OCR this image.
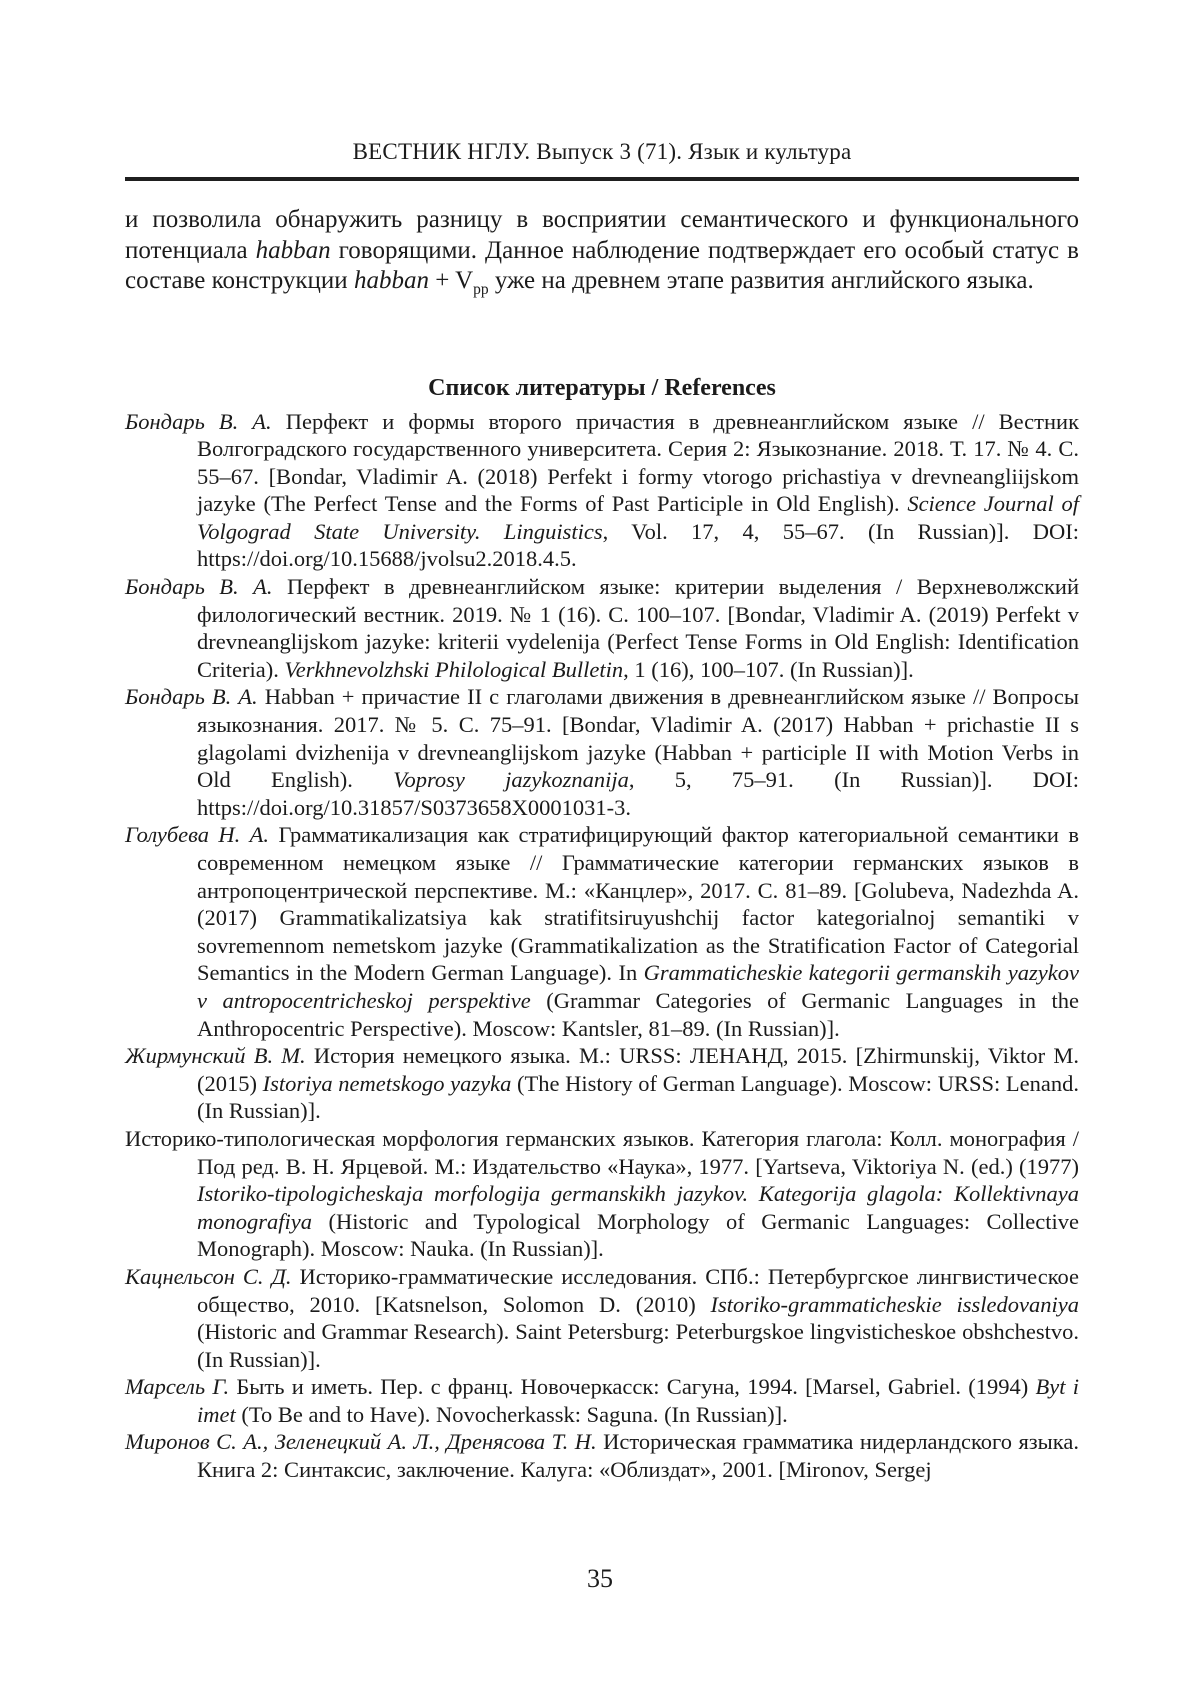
ВЕСТНИК НГЛУ. Выпуск 3 (71). Язык и культура

и позволила обнаружить разницу в восприятии семантического и функционального потенциала habban говорящими. Данное наблюдение подтверждает его особый статус в составе конструкции habban + $V_{pp}$ уже на древнем этапе развития английского языка.

Список литературы / References

Бондарь В. А. Перфект и формы второго причастия в древнеанглийском языке // Вестник Волгоградского государственного университета. Серия 2: Языкознание. 2018. Т. 17. № 4. С. 55–67. [Bondar, Vladimir A. (2018) Perfekt i formy vtorogo prichastiya v drevneangliijskom jazyke (The Perfect Tense and the Forms of Past Participle in Old English). Science Journal of Volgograd State University. Linguistics, Vol. 17, 4, 55–67. (In Russian)]. DOI: https://doi.org/10.15688/jvolsu2.2018.4.5.

Бондарь В. А. Перфект в древнеанглийском языке: критерии выделения / Верхневолжский филологический вестник. 2019. № 1 (16). С. 100–107. [Bondar, Vladimir A. (2019) Perfekt v drevneanglijskom jazyke: kriterii vydelenija (Perfect Tense Forms in Old English: Identification Criteria). Verkhnevolzhski Philological Bulletin, 1 (16), 100–107. (In Russian)].

Бондарь В. А. Habban + причастие II с глаголами движения в древнеанглийском языке // Вопросы языкознания. 2017. № 5. С. 75–91. [Bondar, Vladimir A. (2017) Habban + prichastie II s glagolami dvizhenija v drevneanglijskom jazyke (Habban + participle II with Motion Verbs in Old English). Voprosy jazykoznanija, 5, 75–91. (In Russian)]. DOI: https://doi.org/10.31857/S0373658X0001031-3.

Голубева Н. А. Грамматикализация как стратифицирующий фактор категориальной семантики в современном немецком языке // Грамматические категории германских языков в антропоцентрической перспективе. М.: «Канцлер», 2017. С. 81–89. [Golubeva, Nadezhda A. (2017) Grammatikalizatsiya kak stratifitsiruyushchij factor kategorialnoj semantiki v sovremennom nemetskom jazyke (Grammatikalization as the Stratification Factor of Categorial Semantics in the Modern German Language). In Grammaticheskie kategorii germanskih yazykov v antropocentricheskoj perspektive (Grammar Categories of Germanic Languages in the Anthropocentric Perspective). Moscow: Kantsler, 81–89. (In Russian)].

Жирмунский В. М. История немецкого языка. М.: URSS: ЛЕНАНД, 2015. [Zhirmunskij, Viktor M. (2015) Istoriya nemetskogo yazyka (The History of German Language). Moscow: URSS: Lenand. (In Russian)].

Историко-типологическая морфология германских языков. Категория глагола: Колл. монография / Под ред. В. Н. Ярцевой. М.: Издательство «Наука», 1977. [Yartseva, Viktoriya N. (ed.) (1977) Istoriko-tipologicheskaja morfologija germanskikh jazykov. Kategorija glagola: Kollektivnaya monografiya (Historic and Typological Morphology of Germanic Languages: Collective Monograph). Moscow: Nauka. (In Russian)].

Кацнельсон С. Д. Историко-грамматические исследования. СПб.: Петербургское лингвистическое общество, 2010. [Katsnelson, Solomon D. (2010) Istoriko-grammaticheskie issledovaniya (Historic and Grammar Research). Saint Petersburg: Peterburgskoe lingvisticheskoe obshchestvo. (In Russian)].

Марсель Г. Быть и иметь. Пер. с франц. Новочеркасск: Сагуна, 1994. [Marsel, Gabriel. (1994) Byt i imet (To Be and to Have). Novocherkassk: Saguna. (In Russian)].

Миронов С. А., Зеленецкий А. Л., Дренясова Т. Н. Историческая грамматика нидерландского языка. Книга 2: Синтаксис, заключение. Калуга: «Облиздат», 2001. [Mironov, Sergej

35
